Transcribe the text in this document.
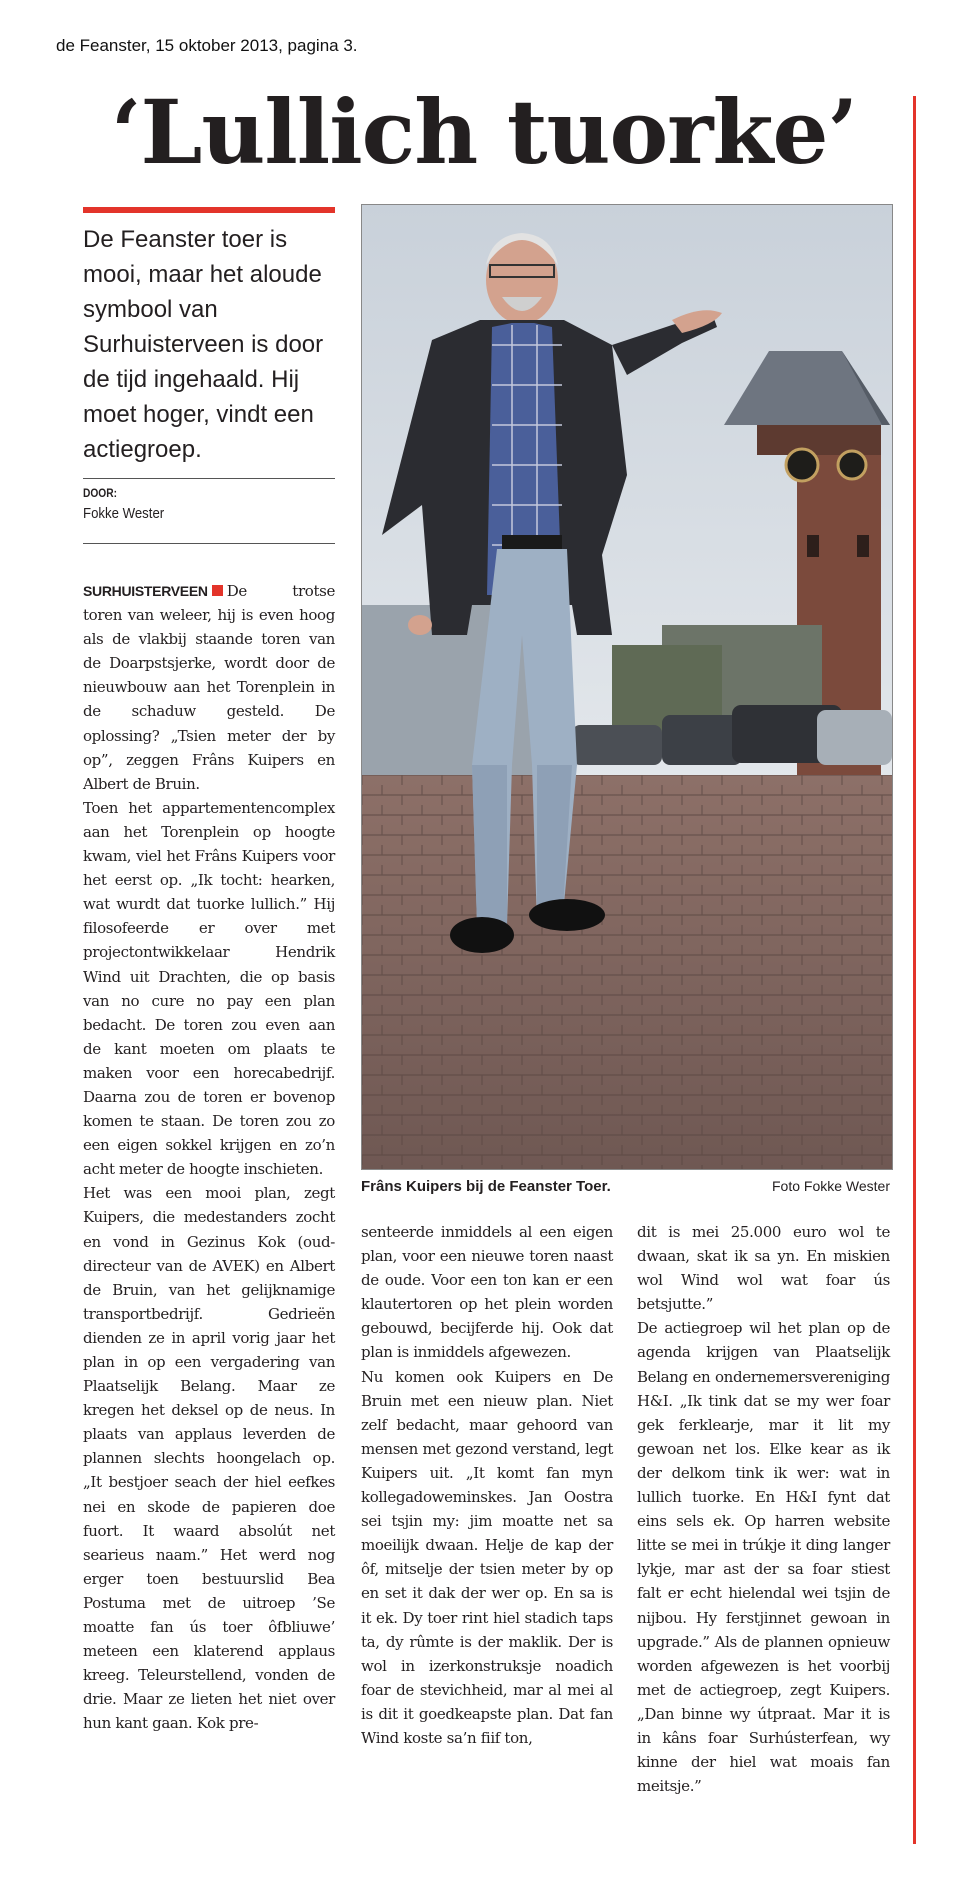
de Feanster, 15 oktober 2013, pagina 3.
‘Lullich tuorke’

De Feanster toer is mooi, maar het aloude symbool van Surhuisterveen is door de tijd ingehaald. Hij moet hoger, vindt een actiegroep.

DOOR:
Fokke Wester
SURHUISTERVEEN De trotse toren van weleer, hij is even hoog als de vlakbij staande toren van de Doarpstsjerke, wordt door de nieuwbouw aan het Torenplein in de schaduw gesteld. De oplossing? „Tsien meter der by op”, zeggen Frâns Kuipers en Albert de Bruin.
Toen het appartementencomplex aan het Torenplein op hoogte kwam, viel het Frâns Kuipers voor het eerst op. „Ik tocht: hearken, wat wurdt dat tuorke lullich.” Hij filosofeerde er over met projectontwikkelaar Hendrik Wind uit Drachten, die op basis van no cure no pay een plan bedacht. De toren zou even aan de kant moeten om plaats te maken voor een horecabedrijf. Daarna zou de toren er bovenop komen te staan. De toren zou zo een eigen sokkel krijgen en zo’n acht meter de hoogte inschieten.
Het was een mooi plan, zegt Kuipers, die medestanders zocht en vond in Gezinus Kok (oud-directeur van de AVEK) en Albert de Bruin, van het gelijknamige transportbedrijf. Gedrieën dienden ze in april vorig jaar het plan in op een vergadering van Plaatselijk Belang. Maar ze kregen het deksel op de neus. In plaats van applaus leverden de plannen slechts hoongelach op. „It bestjoer seach der hiel eefkes nei en skode de papieren doe fuort. It waard absolút net searieus naam.” Het werd nog erger toen bestuurslid Bea Postuma met de uitroep ’Se moatte fan ús toer ôfbliuwe’ meteen een klaterend applaus kreeg. Teleurstellend, vonden de drie. Maar ze lieten het niet over hun kant gaan. Kok pre-
Frâns Kuipers bij de Feanster Toer.	Foto Fokke Wester
senteerde inmiddels al een eigen plan, voor een nieuwe toren naast de oude. Voor een ton kan er een klautertoren op het plein worden gebouwd, becijferde hij. Ook dat plan is inmiddels afgewezen.
Nu komen ook Kuipers en De Bruin met een nieuw plan. Niet zelf bedacht, maar gehoord van mensen met gezond verstand, legt Kuipers uit. „It komt fan myn kollegadoweminskes. Jan Oostra sei tsjin my: jim moatte net sa moeilijk dwaan. Helje de kap der ôf, mitselje der tsien meter by op en set it dak der wer op. En sa is it ek. Dy toer rint hiel stadich taps ta, dy rûmte is der maklik. Der is wol in izerkonstruksje noadich foar de stevichheid, mar al mei al is dit it goedkeapste plan. Dat fan Wind koste sa’n fiif ton,
dit is mei 25.000 euro wol te dwaan, skat ik sa yn. En miskien wol Wind wol wat foar ús betsjutte.”
De actiegroep wil het plan op de agenda krijgen van Plaatselijk Belang en ondernemersvereniging H&I. „Ik tink dat se my wer foar gek ferklearje, mar it lit my gewoan net los. Elke kear as ik der delkom tink ik wer: wat in lullich tuorke. En H&I fynt dat eins sels ek. Op harren website litte se mei in trúkje it ding langer lykje, mar ast der sa foar stiest falt er echt hielendal wei tsjin de nijbou. Hy ferstjinnet gewoan in upgrade.” Als de plannen opnieuw worden afgewezen is het voorbij met de actiegroep, zegt Kuipers. „Dan binne wy útpraat. Mar it is in kâns foar Surhústerfean, wy kinne der hiel wat moais fan meitsje.”
